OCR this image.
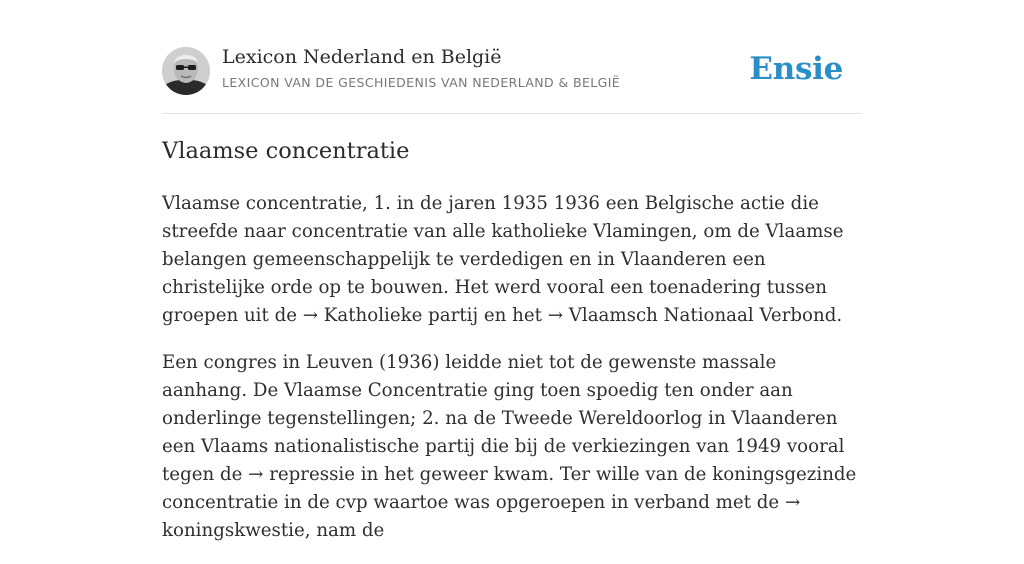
Lexicon Nederland en België
LEXICON VAN DE GESCHIEDENIS VAN NEDERLAND & BELGIË	Ensie
Vlaamse concentratie

Vlaamse concentratie, 1. in de jaren 1935 1936 een Belgische actie die streefde naar concentratie van alle katholieke Vlamingen, om de Vlaamse belangen gemeenschappelijk te verdedigen en in Vlaanderen een christelijke orde op te bouwen. Het werd vooral een toenadering tussen groepen uit de → Katholieke partij en het → Vlaamsch Nationaal Verbond.

Een congres in Leuven (1936) leidde niet tot de gewenste massale aanhang. De Vlaamse Concentratie ging toen spoedig ten onder aan onderlinge tegenstellingen; 2. na de Tweede Wereldoorlog in Vlaanderen een Vlaams nationalistische partij die bij de verkiezingen van 1949 vooral tegen de → repressie in het geweer kwam. Ter wille van de koningsgezinde concentratie in de cvp waartoe was opgeroepen in verband met de → koningskwestie, nam de
